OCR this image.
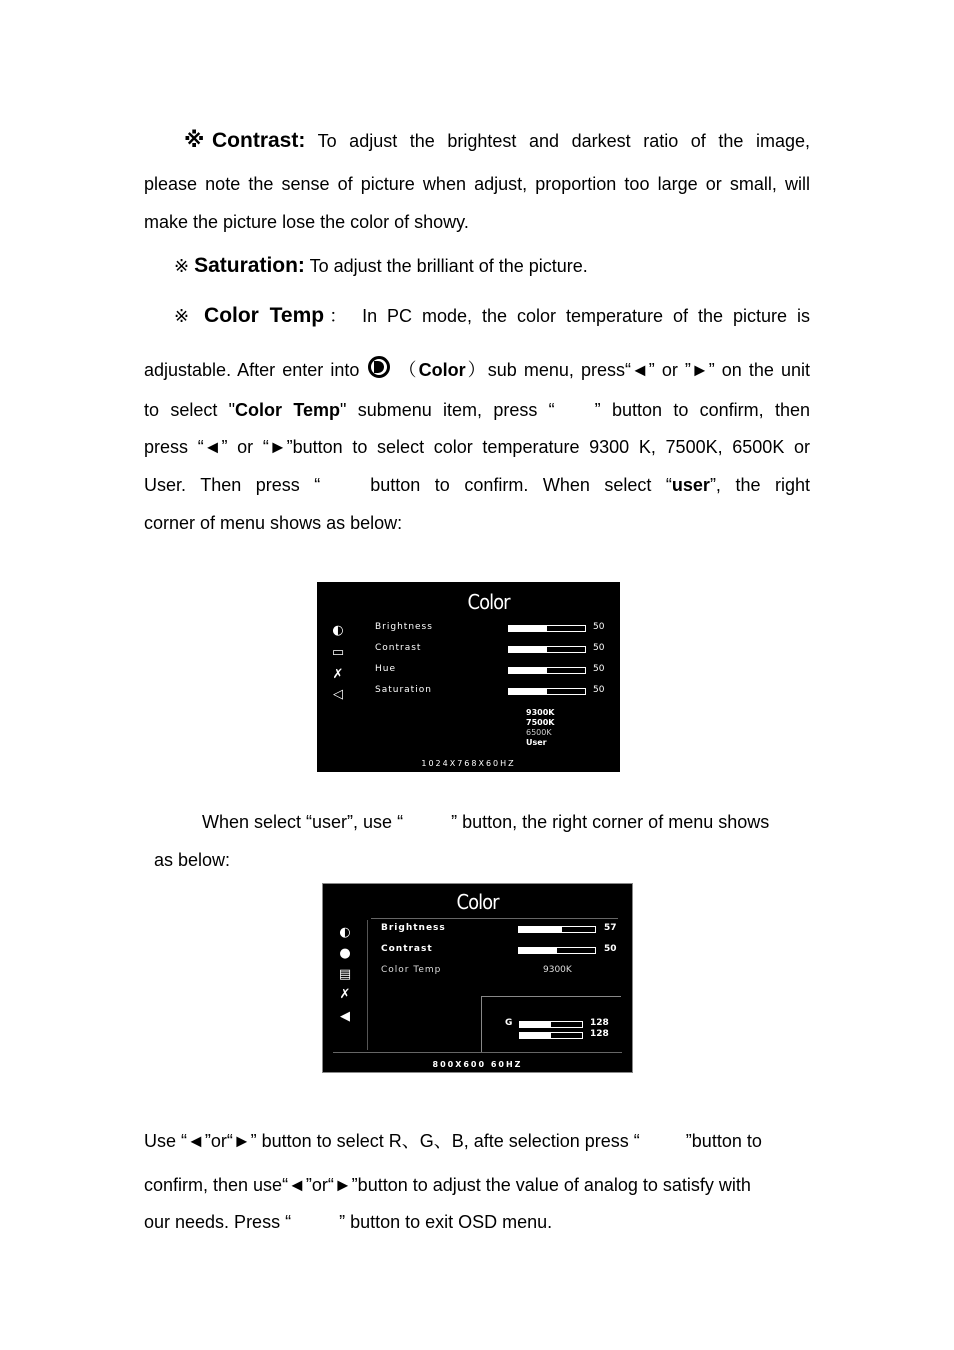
※Contrast: To adjust the brightest and darkest ratio of the image,
please note the sense of picture when adjust, proportion too large or small, will
make the picture lose the color of showy.
※ Saturation: To adjust the brilliant of the picture.
※ Color Temp： In PC mode, the color temperature of the picture is
adjustable. After enter into
（Color）sub menu, press“◄” or ”►” on the unit
to select "Color Temp" submenu item, press “ ” button to confirm, then
press “◄” or “►”button to select color temperature 9300 K, 7500K, 6500K or
User. Then press “	button to confirm. When select “user”, the right
corner of menu shows as below:
Color
◐
▭
✗
◁
Brightness	50
Contrast	50
Hue	50
Saturation	50
9300K
7500K
6500K
User
1024X768X60HZ
When select “user”, use “	” button, the right corner of menu shows
as below:
Color
◐
●
▤
✗
◀
Brightness	57
Contrast	50
Color Temp	9300K
G	128
128
800X600 60HZ
Use “◄”or“►” button to select R、G、B, afte selection press “	”button to
confirm, then use“◄”or“►”button to adjust the value of analog to satisfy with
our needs. Press “	” button to exit OSD menu.
